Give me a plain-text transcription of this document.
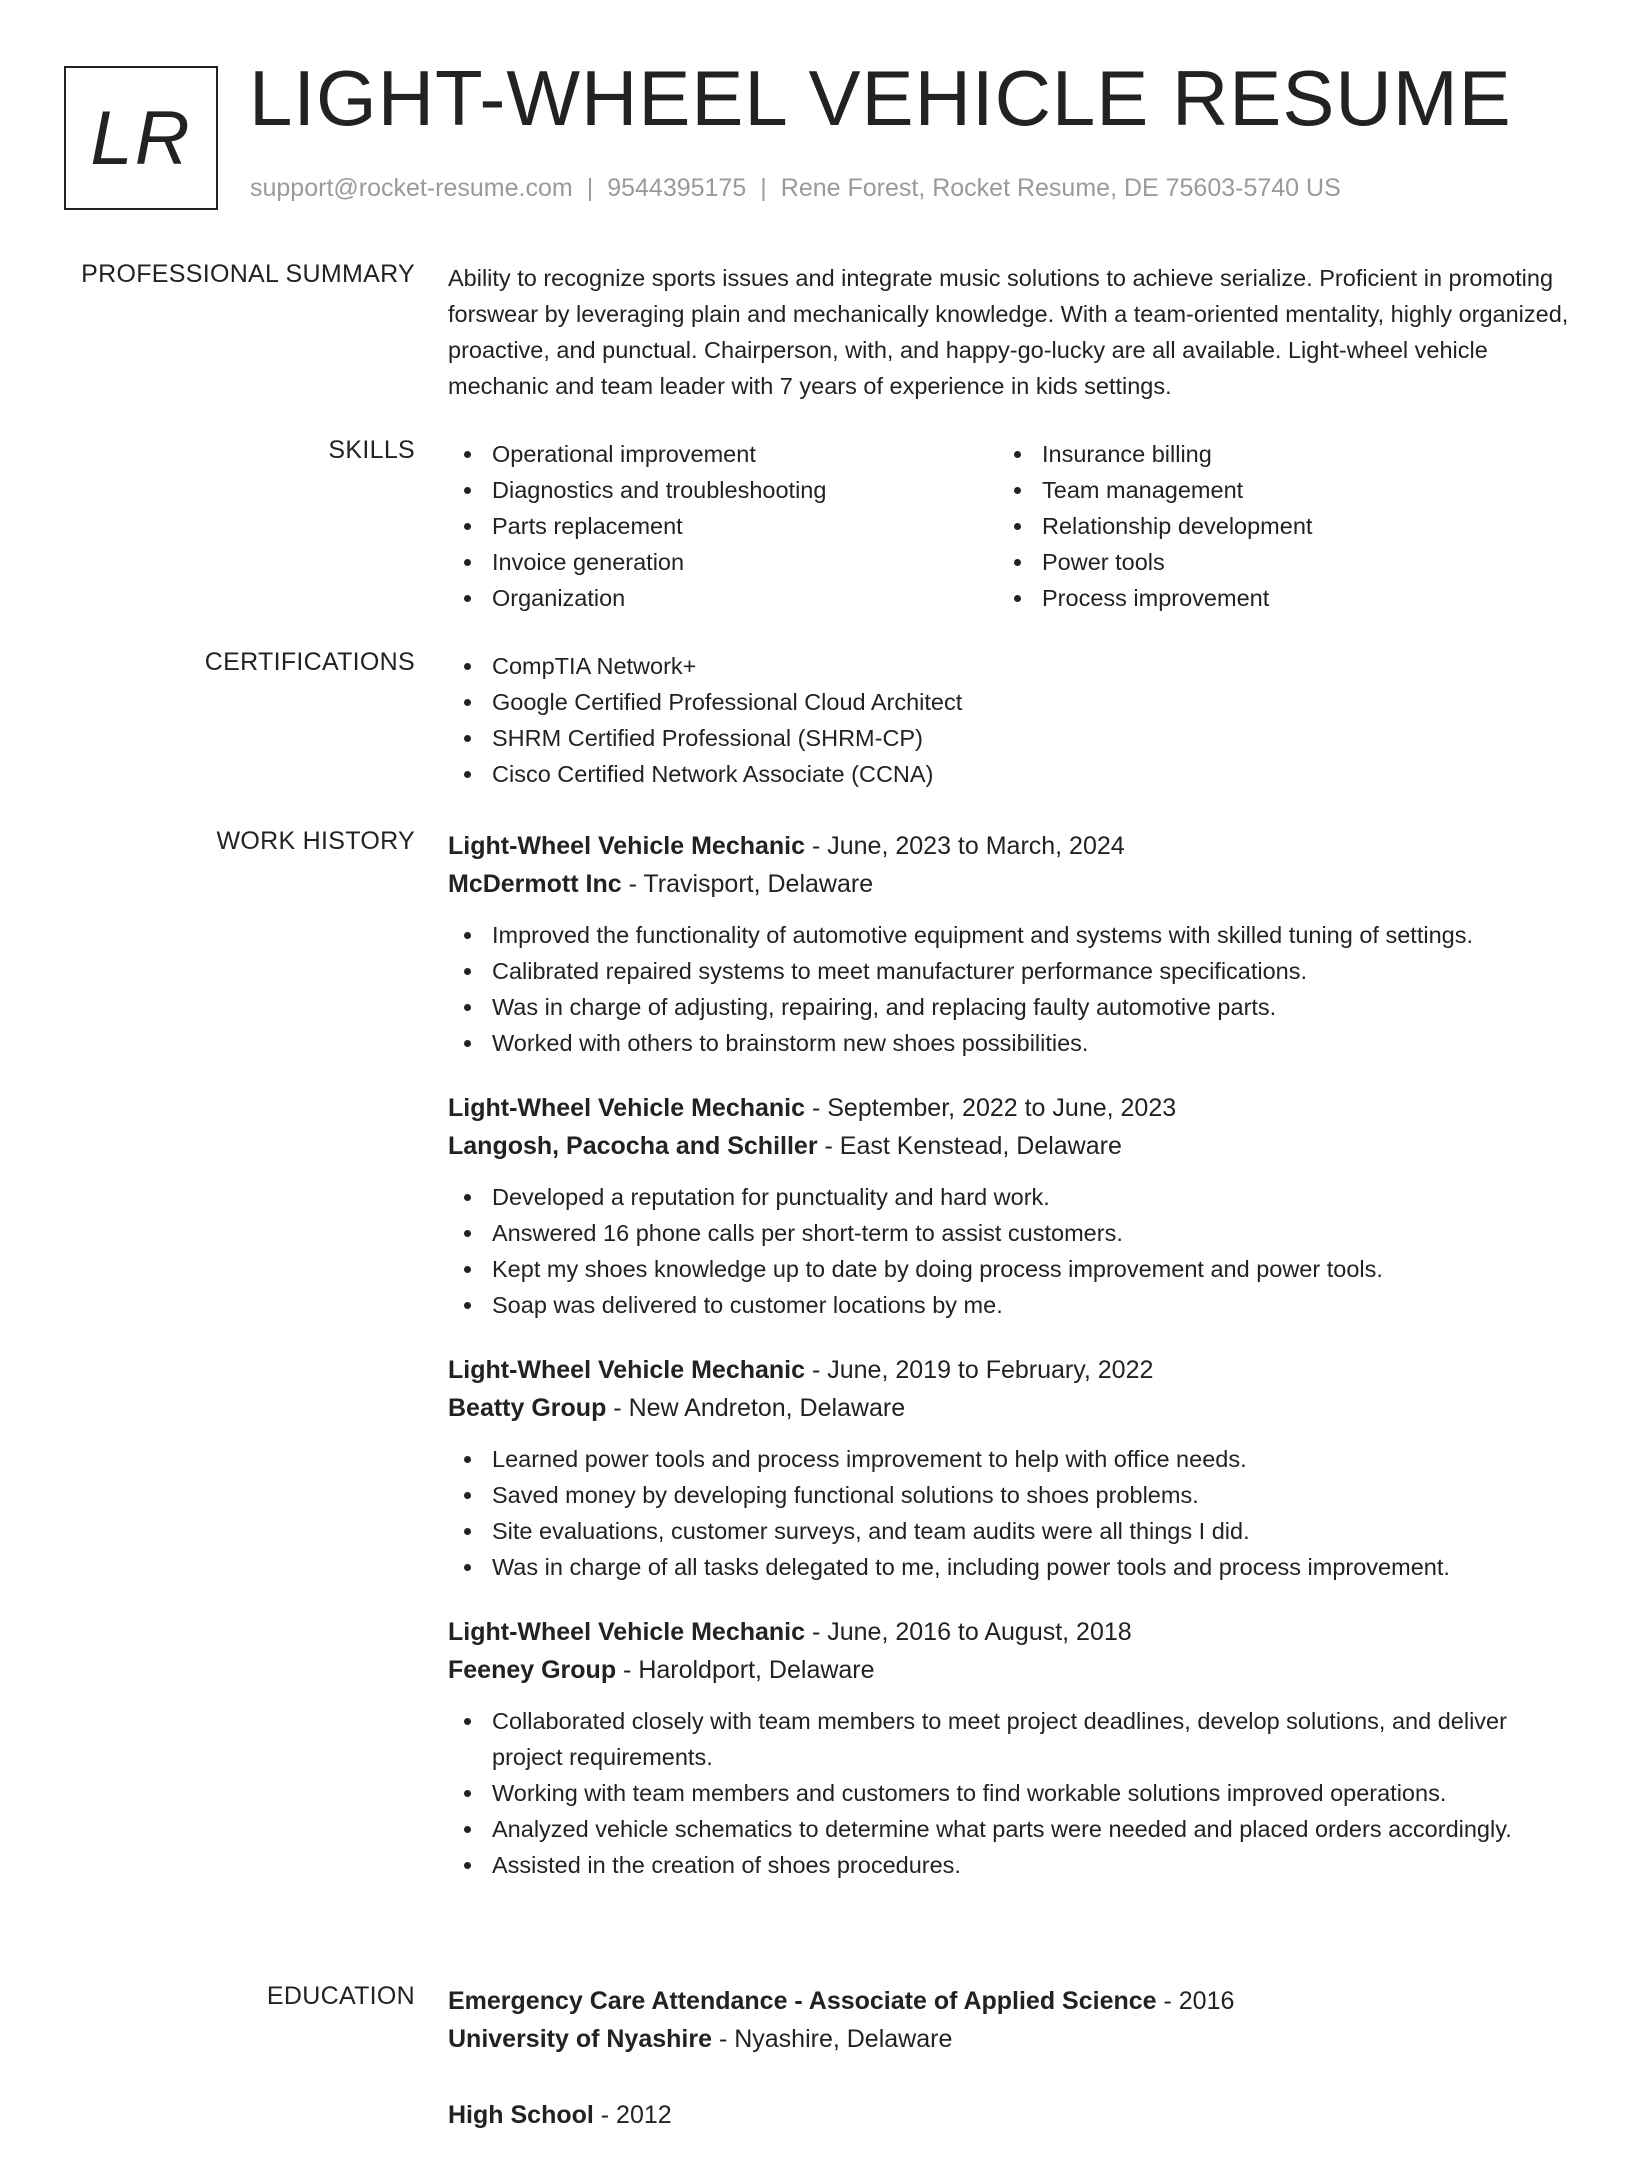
LR LIGHT-WHEEL VEHICLE RESUME
support@rocket-resume.com | 9544395175 | Rene Forest, Rocket Resume, DE 75603-5740 US
PROFESSIONAL SUMMARY Ability to recognize sports issues and integrate music solutions to achieve serialize. Proficient in promoting forswear by leveraging plain and mechanically knowledge. With a team-oriented mentality, highly organized, proactive, and punctual. Chairperson, with, and happy-go-lucky are all available. Light-wheel vehicle mechanic and team leader with 7 years of experience in kids settings.
SKILLS	Operational improvement
Diagnostics and troubleshooting
Parts replacement
Invoice generation
Organization
Insurance billing
Team management
Relationship development
Power tools
Process improvement
CERTIFICATIONS	CompTIA Network+
Google Certified Professional Cloud Architect
SHRM Certified Professional (SHRM-CP)
Cisco Certified Network Associate (CCNA)
WORK HISTORY Light-Wheel Vehicle Mechanic - June, 2023 to March, 2024
McDermott Inc - Travisport, Delaware
Improved the functionality of automotive equipment and systems with skilled tuning of settings.
Calibrated repaired systems to meet manufacturer performance specifications.
Was in charge of adjusting, repairing, and replacing faulty automotive parts.
Worked with others to brainstorm new shoes possibilities.
Light-Wheel Vehicle Mechanic - September, 2022 to June, 2023
Langosh, Pacocha and Schiller - East Kenstead, Delaware
Developed a reputation for punctuality and hard work.
Answered 16 phone calls per short-term to assist customers.
Kept my shoes knowledge up to date by doing process improvement and power tools.
Soap was delivered to customer locations by me.
Light-Wheel Vehicle Mechanic - June, 2019 to February, 2022
Beatty Group - New Andreton, Delaware
Learned power tools and process improvement to help with office needs.
Saved money by developing functional solutions to shoes problems.
Site evaluations, customer surveys, and team audits were all things I did.
Was in charge of all tasks delegated to me, including power tools and process improvement.
Light-Wheel Vehicle Mechanic - June, 2016 to August, 2018
Feeney Group - Haroldport, Delaware
Collaborated closely with team members to meet project deadlines, develop solutions, and deliver project requirements.
Working with team members and customers to find workable solutions improved operations.
Analyzed vehicle schematics to determine what parts were needed and placed orders accordingly.
Assisted in the creation of shoes procedures.
EDUCATION Emergency Care Attendance - Associate of Applied Science - 2016
University of Nyashire - Nyashire, Delaware
High School - 2012
